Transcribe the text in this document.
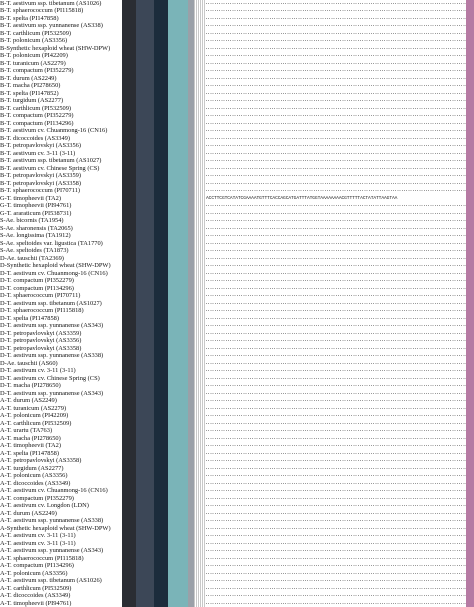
B-T. aestivum ssp. tibetanum (AS1026)
B-T. sphaerococcum (PI115818)
B-T. spelta (PI147858)
B-T. aestivum ssp. yunnanense (AS338)
B-T. carthlicum (PI532509)
B-T. polonicum (AS3356)
B-Synthetic hexaploid wheat (SHW-DPW)
B-T. polonicum (PI42209)
B-T. turanicum (AS2279)
B-T. compactum (PI352279)
B-T. durum (AS2249)
B-T. macha (PI278650)
B-T. spelta (PI147852)
B-T. turgidum (AS2277)
B-T. carthlicum (PI532509)
B-T. compactum (PI352279)
B-T. compactum (PI134296)
B-T. aestivum cv. Chuanmong-16 (CN16)
B-T. dicoccoides (AS3349)
B-T. petropavlovskyi (AS3356)
B-T. aestivum cv. 3-11 (3-11)
B-T. aestivum ssp. tibetanum (AS1027)
B-T. aestivum cv. Chinese Spring (CS)
B-T. petropavlovskyi (AS3359)
B-T. petropavlovskyi (AS3358)
B-T. sphaerococcum (PI70711)
G-T. timopheevii (TA2)
G-T. timopheevii (PI94761)
G-T. araraticum (PI538731)
S-Ae. bicornis (TA1954)
S-Ae. sharonensis (TA2065)
S-Ae. longissima (TA1912)
S-Ae. speltoides var. ligustica (TA1770)
S-Ae. speltoides (TA1873)
D-Ae. tauschii (TA2369)
D-Synthetic hexaploid wheat (SHW-DPW)
D-T. aestivum cv. Chuanmong-16 (CN16)
D-T. compactum (PI352279)
D-T. compactum (PI134296)
D-T. sphaerococcum (PI70711)
D-T. aestivum ssp. tibetanum (AS1027)
D-T. sphaerococcum (PI115818)
D-T. spelta (PI147858)
D-T. aestivum ssp. yunnanense (AS343)
D-T. petropavlovskyi (AS3359)
D-T. petropavlovskyi (AS3356)
D-T. petropavlovskyi (AS3358)
D-T. aestivum ssp. yunnanense (AS338)
D-Ae. tauschii (AS60)
D-T. aestivum cv. 3-11 (3-11)
D-T. aestivum cv. Chinese Spring (CS)
D-T. macha (PI278650)
D-T. aestivum ssp. yunnanense (AS343)
A-T. durum (AS2249)
A-T. turanicum (AS2279)
A-T. polonicum (PI42209)
A-T. carthlicum (PI532509)
A-T. urartu (TA763)
A-T. macha (PI278650)
A-T. timopheevii (TA2)
A-T. spelta (PI147858)
A-T. petropavlovskyi (AS3358)
A-T. turgidum (AS2277)
A-T. polonicum (AS3356)
A-T. dicoccoides (AS3349)
A-T. aestivum cv. Chuanmong-16 (CN16)
A-T. compactum (PI352279)
A-T. aestivum cv. Longdon (LDN)
A-T. durum (AS2249)
A-T. aestivum ssp. yunnanense (AS338)
A-Synthetic hexaploid wheat (SHW-DPW)
A-T. aestivum cv. 3-11 (3-11)
A-T. aestivum cv. 3-11 (3-11)
A-T. aestivum ssp. yunnanense (AS343)
A-T. sphaerococcum (PI115818)
A-T. compactum (PI134296)
A-T. polonicum (AS3356)
A-T. aestivum ssp. tibetanum (AS1026)
A-T. carthlicum (PI532509)
A-T. dicoccoides (AS3349)
A-T. timopheevii (PI94761)
ACCTTCGTCATATCGAAAATGTTTCACCAGCATGATTTATGGTAAAAAAAACGTTTTTACTATATTAAGTAA
